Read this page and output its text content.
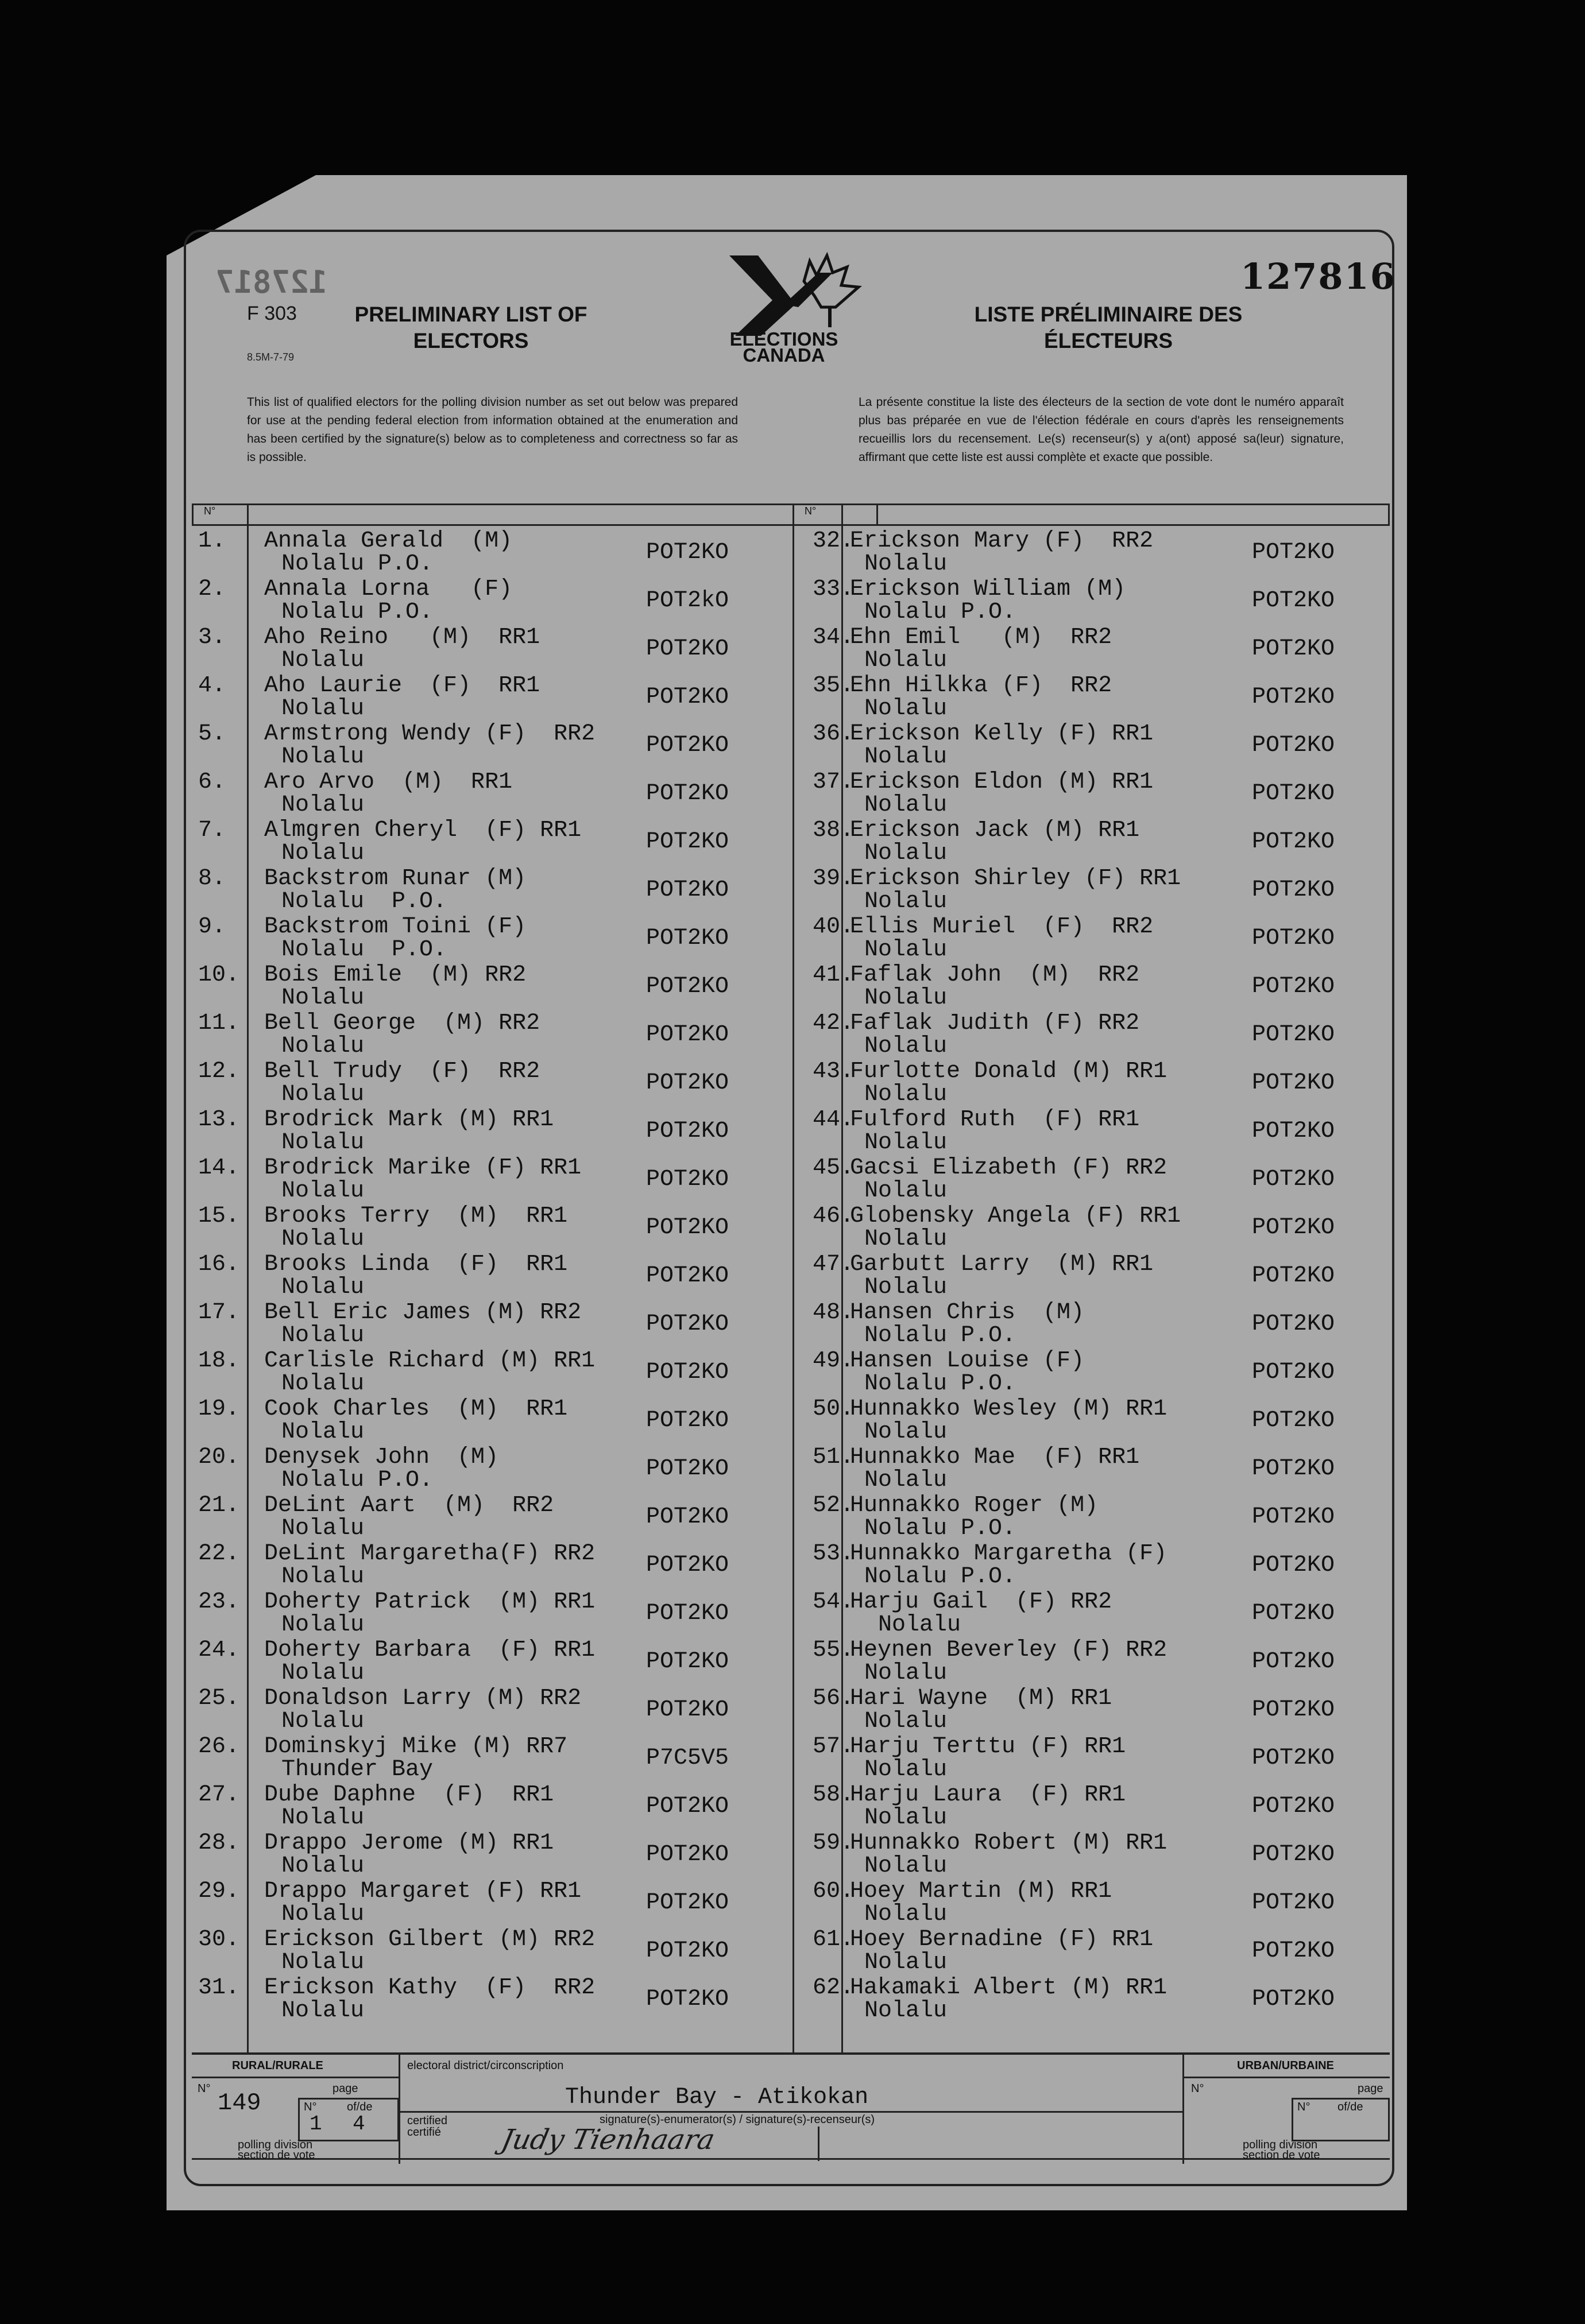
127817
F 303
8.5M-7-79
127816
PRELIMINARY LIST OF ELECTORS
LISTE PRÉLIMINAIRE DES ÉLECTEURS
ELECTIONS CANADA
This list of qualified electors for the polling division number as set out below was prepared for use at the pending federal election from information obtained at the enumeration and has been certified by the signature(s) below as to completeness and correctness so far as is possible.
La présente constitue la liste des électeurs de la section de vote dont le numéro apparaît plus bas préparée en vue de l'élection fédérale en cours d'après les renseignements recueillis lors du recensement. Le(s) recenseur(s) y a(ont) apposé sa(leur) signature, affirmant que cette liste est aussi complète et exacte que possible.
N°	N°
1. Annala Gerald  (M)
Nolalu P.O.	POT2KO
2. Annala Lorna   (F)
Nolalu P.O.	POT2kO
3. Aho Reino   (M)  RR1
Nolalu	POT2KO
4. Aho Laurie  (F)  RR1
Nolalu	POT2KO
5. Armstrong Wendy (F)  RR2
Nolalu	POT2KO
6. Aro Arvo  (M)  RR1
Nolalu	POT2KO
7. Almgren Cheryl  (F) RR1
Nolalu	POT2KO
8. Backstrom Runar (M)
Nolalu  P.O.	POT2KO
9. Backstrom Toini (F)
Nolalu  P.O.	POT2KO
10. Bois Emile  (M) RR2
Nolalu	POT2KO
11. Bell George  (M) RR2
Nolalu	POT2KO
12. Bell Trudy  (F)  RR2
Nolalu	POT2KO
13. Brodrick Mark (M) RR1
Nolalu	POT2KO
14. Brodrick Marike (F) RR1
Nolalu	POT2KO
15. Brooks Terry  (M)  RR1
Nolalu	POT2KO
16. Brooks Linda  (F)  RR1
Nolalu	POT2KO
17. Bell Eric James (M) RR2
Nolalu	POT2KO
18. Carlisle Richard (M) RR1
Nolalu	POT2KO
19. Cook Charles  (M)  RR1
Nolalu	POT2KO
20. Denysek John  (M)
Nolalu P.O.	POT2KO
21. DeLint Aart  (M)  RR2
Nolalu	POT2KO
22. DeLint Margaretha(F) RR2
Nolalu	POT2KO
23. Doherty Patrick  (M) RR1
Nolalu	POT2KO
24. Doherty Barbara  (F) RR1
Nolalu	POT2KO
25. Donaldson Larry (M) RR2
Nolalu	POT2KO
26. Dominskyj Mike (M) RR7
Thunder Bay	P7C5V5
27. Dube Daphne  (F)  RR1
Nolalu	POT2KO
28. Drappo Jerome (M) RR1
Nolalu	POT2KO
29. Drappo Margaret (F) RR1
Nolalu	POT2KO
30. Erickson Gilbert (M) RR2
Nolalu	POT2KO
31. Erickson Kathy  (F)  RR2
Nolalu	POT2KO
32.
Erickson Mary (F)  RR2
Nolalu	POT2KO
33.
Erickson William (M)
Nolalu P.O.	POT2KO
34.
Ehn Emil   (M)  RR2
Nolalu	POT2KO
35.
Ehn Hilkka (F)  RR2
Nolalu	POT2KO
36.
Erickson Kelly (F) RR1
Nolalu	POT2KO
37.
Erickson Eldon (M) RR1
Nolalu	POT2KO
38.
Erickson Jack (M) RR1
Nolalu	POT2KO
39.
Erickson Shirley (F) RR1
Nolalu	POT2KO
40.
Ellis Muriel  (F)  RR2
Nolalu	POT2KO
41.
Faflak John  (M)  RR2
Nolalu	POT2KO
42.
Faflak Judith (F) RR2
Nolalu	POT2KO
43.
Furlotte Donald (M) RR1
Nolalu	POT2KO
44.
Fulford Ruth  (F) RR1
Nolalu	POT2KO
45.
Gacsi Elizabeth (F) RR2
Nolalu	POT2KO
46.
Globensky Angela (F) RR1
Nolalu	POT2KO
47.
Garbutt Larry  (M) RR1
Nolalu	POT2KO
48.
Hansen Chris  (M)
Nolalu P.O.	POT2KO
49.
Hansen Louise (F)
Nolalu P.O.	POT2KO
50.
Hunnakko Wesley (M) RR1
Nolalu	POT2KO
51.
Hunnakko Mae  (F) RR1
Nolalu	POT2KO
52.
Hunnakko Roger (M)
Nolalu P.O.	POT2KO
53.
Hunnakko Margaretha (F)
Nolalu P.O.	POT2KO
54.
Harju Gail  (F) RR2
Nolalu	POT2KO
55.
Heynen Beverley (F) RR2
Nolalu	POT2KO
56.
Hari Wayne  (M) RR1
Nolalu	POT2KO
57.
Harju Terttu (F) RR1
Nolalu	POT2KO
58.
Harju Laura  (F) RR1
Nolalu	POT2KO
59.
Hunnakko Robert (M) RR1
Nolalu	POT2KO
60.
Hoey Martin (M) RR1
Nolalu	POT2KO
61.
Hoey Bernadine (F) RR1
Nolalu	POT2KO
62.
Hakamaki Albert (M) RR1
Nolalu	POT2KO
RURAL/RURALE	URBAN/URBAINE
N°
149
page
N°
1
of/de
4
polling division section de vote
electoral district/circonscription
Thunder Bay - Atikokan
certified certifié
signature(s)-enumerator(s) / signature(s)-recenseur(s)
Judy Tienhaara
N°	page
N° of/de
polling division section de vote
